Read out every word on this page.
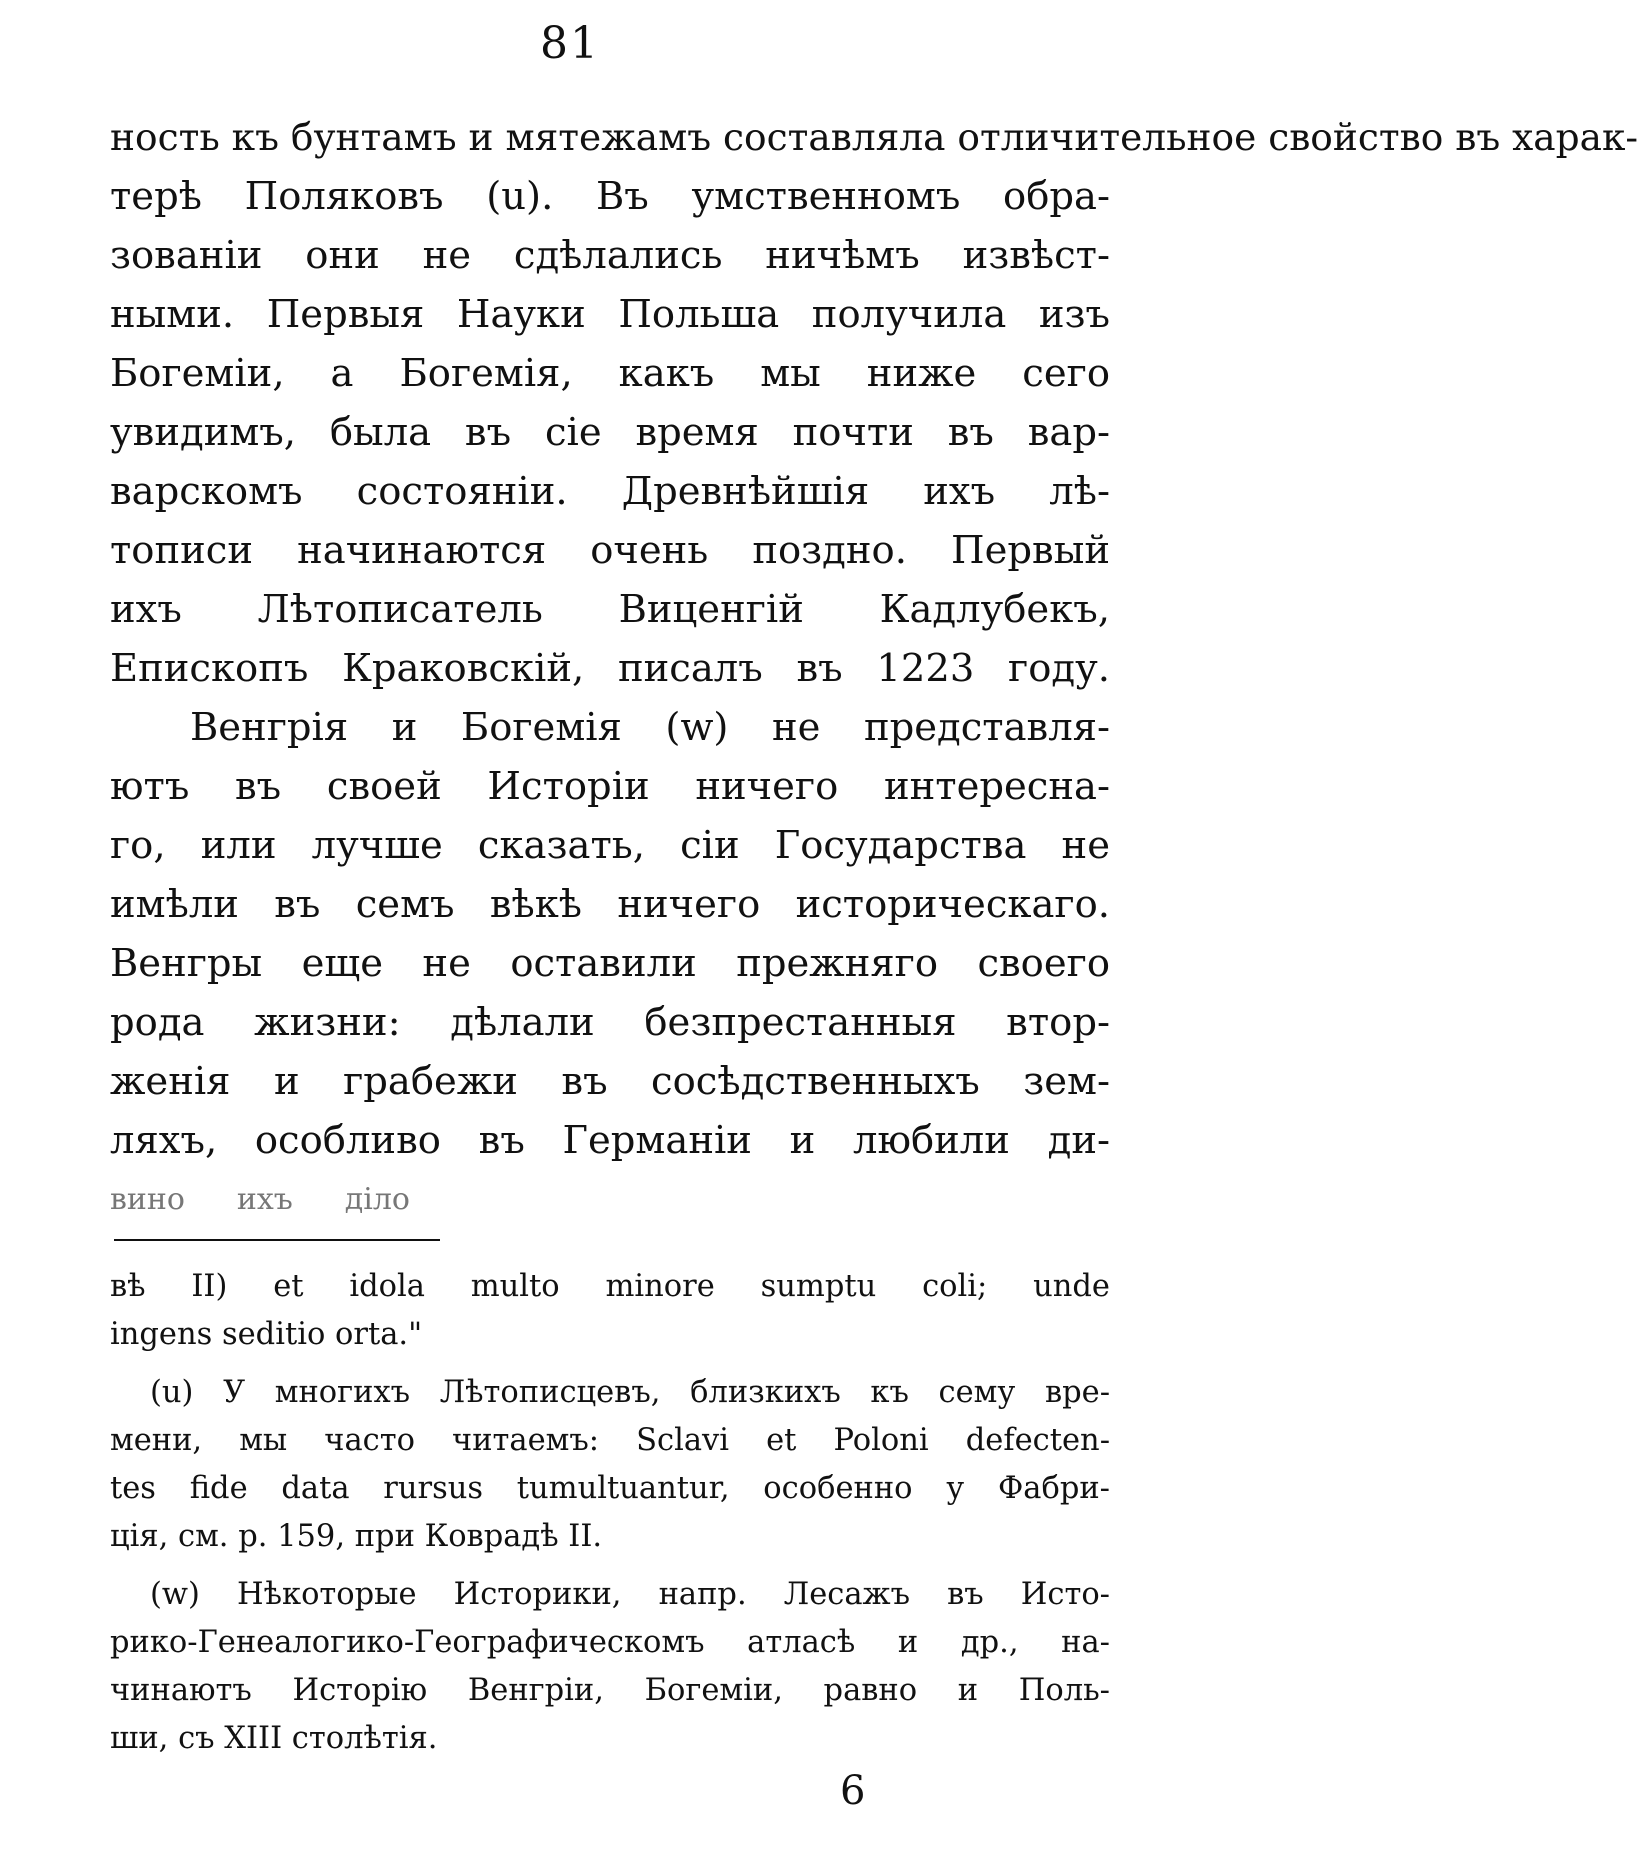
81
ность къ бунтамъ и мятежамъ составляла отличительное свойство въ харак-
терѣ Поляковъ (u). Въ умственномъ обра-
зованіи они не сдѣлались ничѣмъ извѣст-
ными. Первыя Науки Польша получила изъ
Богеміи, а Богемія, какъ мы ниже сего
увидимъ, была въ сіе время почти въ вар-
варскомъ состояніи. Древнѣйшія ихъ лѣ-
тописи начинаются очень поздно. Первый
ихъ Лѣтописатель Виценгій Кадлубекъ,
Епископъ Краковскій, писалъ въ 1223 году.
Венгрія и Богемія (w) не представля-
ютъ въ своей Исторіи ничего интересна-
го, или лучше сказать, сіи Государства не
имѣли въ семъ вѣкѣ ничего историческаго.
Венгры еще не оставили прежняго своего
рода жизни: дѣлали безпрестанныя втор-
женія и грабежи въ сосѣдственныхъ зем-
ляхъ, особливо въ Германіи и любили ди-
вино ихъ діло
вѣ II) et idola multo minore sumptu coli; unde
ingens seditio orta."
(u) У многихъ Лѣтописцевъ, близкихъ къ сему вре-
мени, мы часто читаемъ: Sclavi et Poloni defecten-
tes fide data rursus tumultuantur, особенно у Фабри-
ція, см. р. 159, при Коврадѣ II.
(w) Нѣкоторые Историки, напр. Лесажъ въ Исто-
рико-Генеалогико-Географическомъ атласѣ и др., на-
чинаютъ Исторію Венгріи, Богеміи, равно и Поль-
ши, съ XIII столѣтія.
6
